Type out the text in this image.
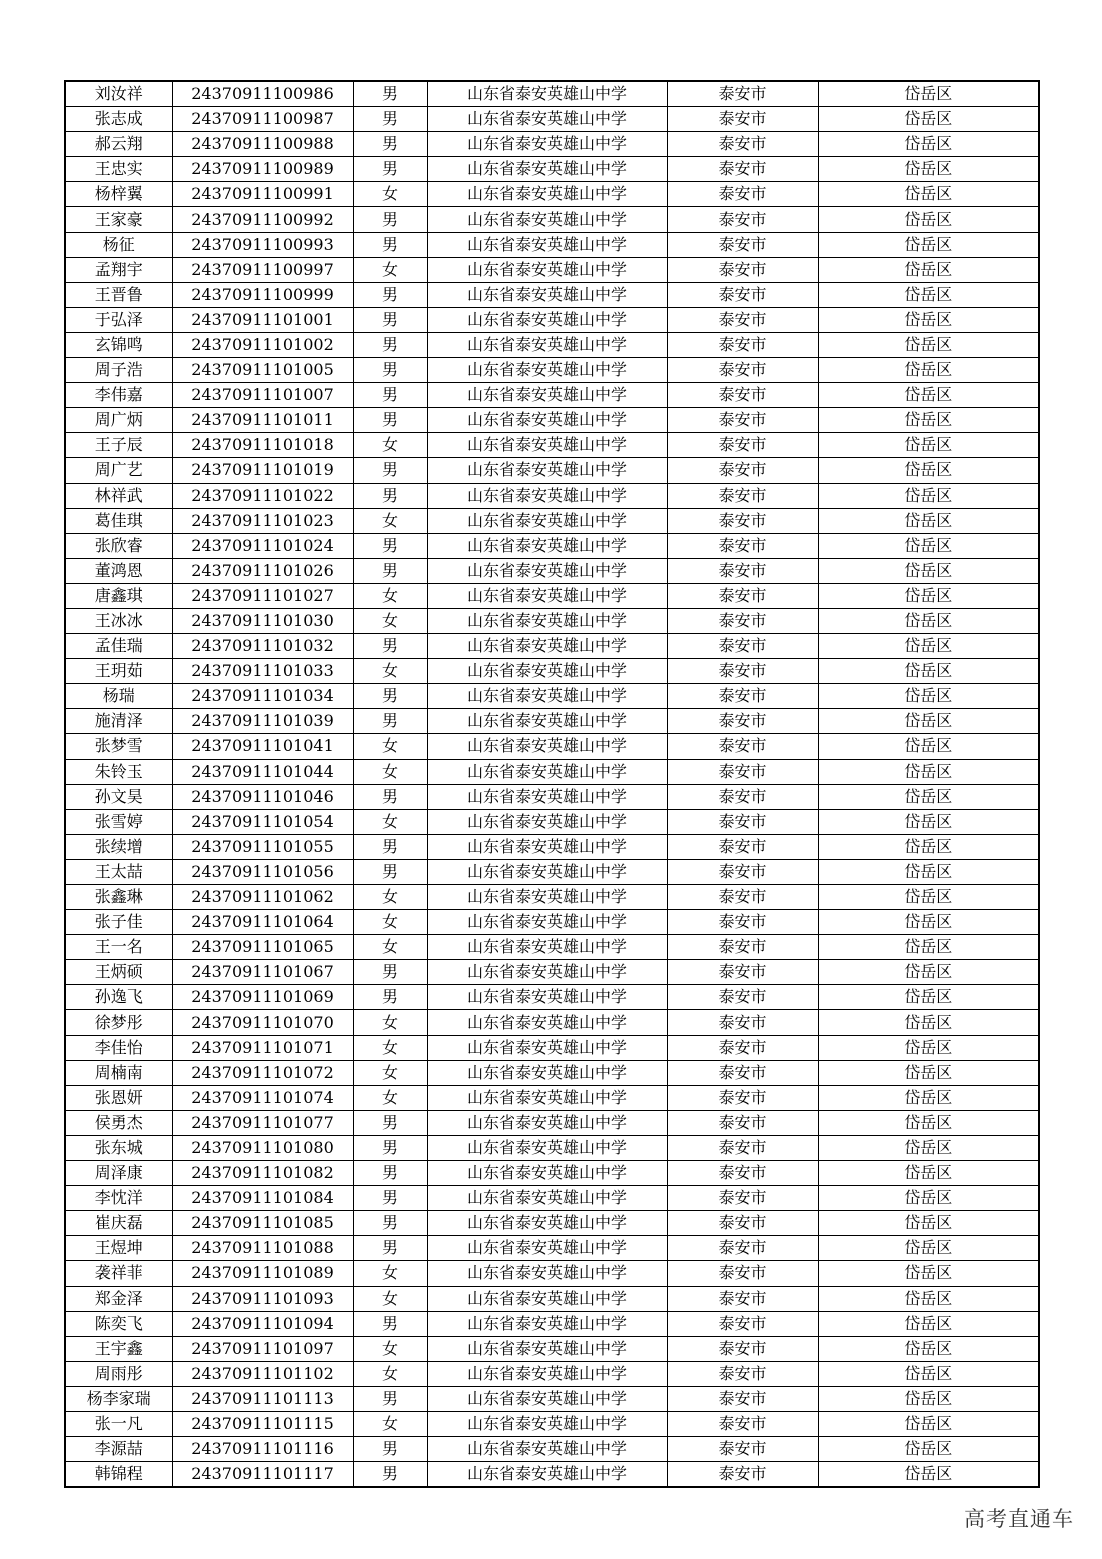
刘汝祥	24370911100986	男	山东省泰安英雄山中学	泰安市	岱岳区
张志成	24370911100987	男	山东省泰安英雄山中学	泰安市	岱岳区
郝云翔	24370911100988	男	山东省泰安英雄山中学	泰安市	岱岳区
王忠实	24370911100989	男	山东省泰安英雄山中学	泰安市	岱岳区
杨梓翼	24370911100991	女	山东省泰安英雄山中学	泰安市	岱岳区
王家豪	24370911100992	男	山东省泰安英雄山中学	泰安市	岱岳区
杨征	24370911100993	男	山东省泰安英雄山中学	泰安市	岱岳区
孟翔宇	24370911100997	女	山东省泰安英雄山中学	泰安市	岱岳区
王晋鲁	24370911100999	男	山东省泰安英雄山中学	泰安市	岱岳区
于弘泽	24370911101001	男	山东省泰安英雄山中学	泰安市	岱岳区
玄锦鸣	24370911101002	男	山东省泰安英雄山中学	泰安市	岱岳区
周子浩	24370911101005	男	山东省泰安英雄山中学	泰安市	岱岳区
李伟嘉	24370911101007	男	山东省泰安英雄山中学	泰安市	岱岳区
周广炳	24370911101011	男	山东省泰安英雄山中学	泰安市	岱岳区
王子辰	24370911101018	女	山东省泰安英雄山中学	泰安市	岱岳区
周广艺	24370911101019	男	山东省泰安英雄山中学	泰安市	岱岳区
林祥武	24370911101022	男	山东省泰安英雄山中学	泰安市	岱岳区
葛佳琪	24370911101023	女	山东省泰安英雄山中学	泰安市	岱岳区
张欣睿	24370911101024	男	山东省泰安英雄山中学	泰安市	岱岳区
董鸿恩	24370911101026	男	山东省泰安英雄山中学	泰安市	岱岳区
唐鑫琪	24370911101027	女	山东省泰安英雄山中学	泰安市	岱岳区
王冰冰	24370911101030	女	山东省泰安英雄山中学	泰安市	岱岳区
孟佳瑞	24370911101032	男	山东省泰安英雄山中学	泰安市	岱岳区
王玥茹	24370911101033	女	山东省泰安英雄山中学	泰安市	岱岳区
杨瑞	24370911101034	男	山东省泰安英雄山中学	泰安市	岱岳区
施清泽	24370911101039	男	山东省泰安英雄山中学	泰安市	岱岳区
张梦雪	24370911101041	女	山东省泰安英雄山中学	泰安市	岱岳区
朱铃玉	24370911101044	女	山东省泰安英雄山中学	泰安市	岱岳区
孙文昊	24370911101046	男	山东省泰安英雄山中学	泰安市	岱岳区
张雪婷	24370911101054	女	山东省泰安英雄山中学	泰安市	岱岳区
张续增	24370911101055	男	山东省泰安英雄山中学	泰安市	岱岳区
王太喆	24370911101056	男	山东省泰安英雄山中学	泰安市	岱岳区
张鑫琳	24370911101062	女	山东省泰安英雄山中学	泰安市	岱岳区
张子佳	24370911101064	女	山东省泰安英雄山中学	泰安市	岱岳区
王一名	24370911101065	女	山东省泰安英雄山中学	泰安市	岱岳区
王炳硕	24370911101067	男	山东省泰安英雄山中学	泰安市	岱岳区
孙逸飞	24370911101069	男	山东省泰安英雄山中学	泰安市	岱岳区
徐梦彤	24370911101070	女	山东省泰安英雄山中学	泰安市	岱岳区
李佳怡	24370911101071	女	山东省泰安英雄山中学	泰安市	岱岳区
周楠南	24370911101072	女	山东省泰安英雄山中学	泰安市	岱岳区
张恩妍	24370911101074	女	山东省泰安英雄山中学	泰安市	岱岳区
侯勇杰	24370911101077	男	山东省泰安英雄山中学	泰安市	岱岳区
张东城	24370911101080	男	山东省泰安英雄山中学	泰安市	岱岳区
周泽康	24370911101082	男	山东省泰安英雄山中学	泰安市	岱岳区
李忱洋	24370911101084	男	山东省泰安英雄山中学	泰安市	岱岳区
崔庆磊	24370911101085	男	山东省泰安英雄山中学	泰安市	岱岳区
王煜坤	24370911101088	男	山东省泰安英雄山中学	泰安市	岱岳区
袭祥菲	24370911101089	女	山东省泰安英雄山中学	泰安市	岱岳区
郑金泽	24370911101093	女	山东省泰安英雄山中学	泰安市	岱岳区
陈奕飞	24370911101094	男	山东省泰安英雄山中学	泰安市	岱岳区
王宇鑫	24370911101097	女	山东省泰安英雄山中学	泰安市	岱岳区
周雨彤	24370911101102	女	山东省泰安英雄山中学	泰安市	岱岳区
杨李家瑞	24370911101113	男	山东省泰安英雄山中学	泰安市	岱岳区
张一凡	24370911101115	女	山东省泰安英雄山中学	泰安市	岱岳区
李源喆	24370911101116	男	山东省泰安英雄山中学	泰安市	岱岳区
韩锦程	24370911101117	男	山东省泰安英雄山中学	泰安市	岱岳区
高考直通车
